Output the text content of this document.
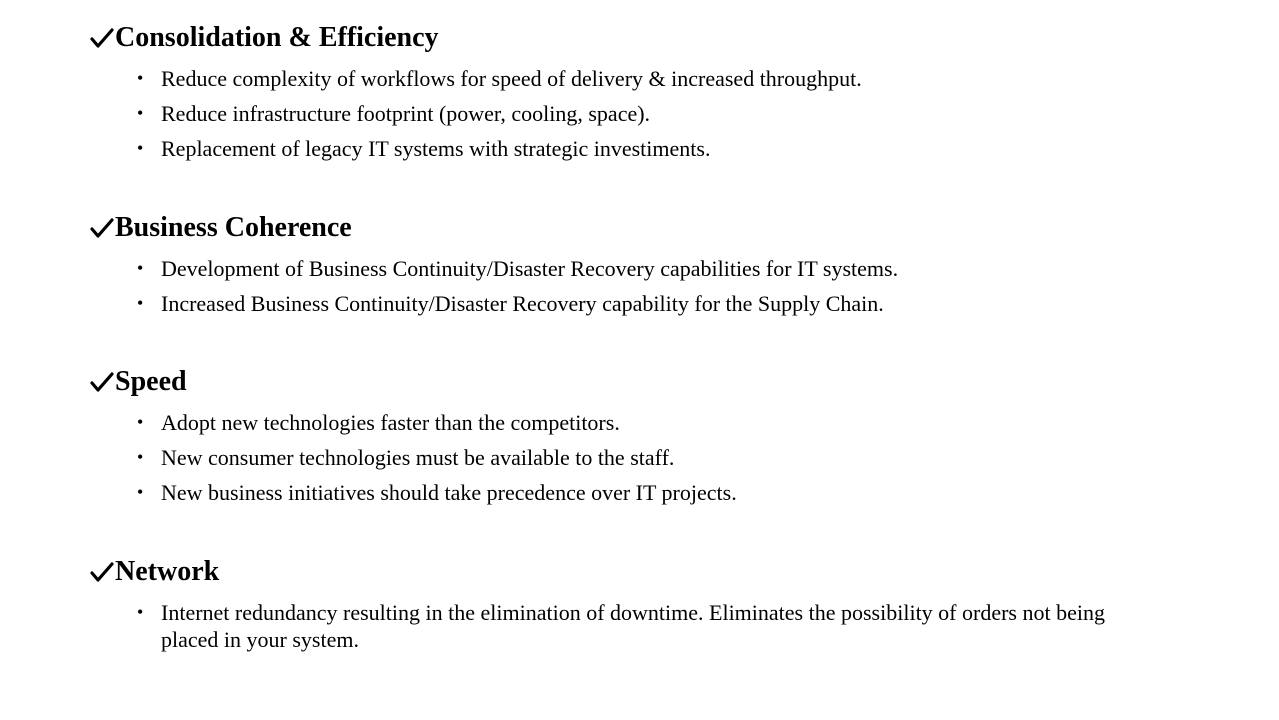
Consolidation & Efficiency
• Reduce complexity of workflows for speed of delivery & increased throughput.
• Reduce infrastructure footprint (power, cooling, space).
• Replacement of legacy IT systems with strategic investiments.
Business Coherence
• Development of Business Continuity/Disaster Recovery capabilities for IT systems.
• Increased Business Continuity/Disaster Recovery capability for the Supply Chain.
Speed
• Adopt new technologies faster than the competitors.
• New consumer technologies must be available to the staff.
• New business initiatives should take precedence over IT projects.
Network
• Internet redundancy resulting in the elimination of downtime. Eliminates the possibility of orders not being placed in your system.
